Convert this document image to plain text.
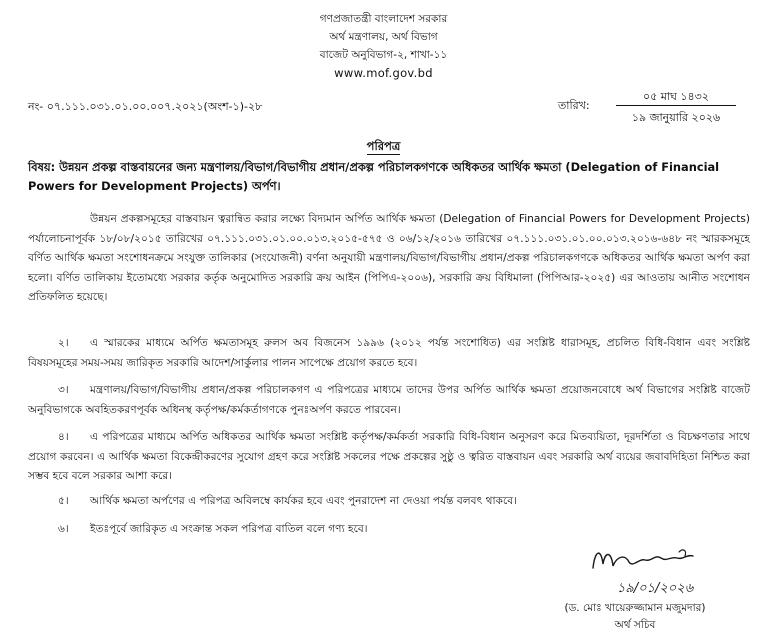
গণপ্রজাতন্ত্রী বাংলাদেশ সরকার
অর্থ মন্ত্রণালয়, অর্থ বিভাগ
বাজেট অনুবিভাগ-২, শাখা-১১
www.mof.gov.bd
নং- ০৭.১১১.০৩১.০১.০০.০০৭.২০২১(অংশ-১)-২৮	তারিখ:
০৫ মাঘ ১৪৩২
১৯ জানুয়ারি ২০২৬
পরিপত্র
বিষয়: উন্নয়ন প্রকল্প বাস্তবায়নের জন্য মন্ত্রণালয়/বিভাগ/বিভাগীয় প্রধান/প্রকল্প পরিচালকগণকে অধিকতর আর্থিক ক্ষমতা (Delegation of Financial Powers for Development Projects) অর্পণ।
উন্নয়ন প্রকল্পসমূহের বাস্তবায়ন ত্বরান্বিত করার লক্ষ্যে বিদ্যমান অর্পিত আর্থিক ক্ষমতা (Delegation of Financial Powers for Development Projects) পর্যালোচনাপূর্বক ১৮/০৮/২০১৫ তারিখের ০৭.১১১.০৩১.০১.০০.০১৩.২০১৫-৫৭৫ ও ০৬/১২/২০১৬ তারিখের ০৭.১১১.০৩১.০১.০০.০১৩.২০১৬-৬৪৮ নং স্মারকসমূহে বর্ণিত আর্থিক ক্ষমতা সংশোধনক্রমে সংযুক্ত তালিকার (সংযোজনী) বর্ণনা অনুযায়ী মন্ত্রণালয়/বিভাগ/বিভাগীয় প্রধান/প্রকল্প পরিচালকগণকে অধিকতর আর্থিক ক্ষমতা অর্পণ করা হলো। বর্ণিত তালিকায় ইতোমধ্যে সরকার কর্তৃক অনুমোদিত সরকারি ক্রয় আইন (পিপিএ-২০০৬), সরকারি ক্রয় বিধিমালা (পিপিআর-২০২৫) এর আওতায় আনীত সংশোধন প্রতিফলিত হয়েছে।
২।	এ স্মারকের মাধ্যমে অর্পিত ক্ষমতাসমূহ রুলস অব বিজনেস ১৯৯৬ (২০১২ পর্যন্ত সংশোধিত) এর সংশ্লিষ্ট ধারাসমূহ, প্রচলিত বিধি-বিধান এবং সংশ্লিষ্ট বিষয়সমূহের সময়-সময় জারিকৃত সরকারি আদেশ/সার্কুলার পালন সাপেক্ষে প্রয়োগ করতে হবে।
৩।	মন্ত্রণালয়/বিভাগ/বিভাগীয় প্রধান/প্রকল্প পরিচালকগণ এ পরিপত্রের মাধ্যমে তাদের উপর অর্পিত আর্থিক ক্ষমতা প্রয়োজনবোধে অর্থ বিভাগের সংশ্লিষ্ট বাজেট অনুবিভাগকে অবহিতকরণপূর্বক অধিনস্থ কর্তৃপক্ষ/কর্মকর্তাগণকে পুনঃঅর্পণ করতে পারবেন।
৪।	এ পরিপত্রের মাধ্যমে অর্পিত অধিকতর আর্থিক ক্ষমতা সংশ্লিষ্ট কর্তৃপক্ষ/কর্মকর্তা সরকারি বিধি-বিধান অনুসরণ করে মিতব্যয়িতা, দূরদর্শিতা ও বিচক্ষণতার সাথে প্রয়োগ করবেন। এ আর্থিক ক্ষমতা বিকেন্দ্রীকরণের সুযোগ গ্রহণ করে সংশ্লিষ্ট সকলের পক্ষে প্রকল্পের সুষ্ঠু ও ত্বরিত বাস্তবায়ন এবং সরকারি অর্থ ব্যয়ের জবাবদিহিতা নিশ্চিত করা সম্ভব হবে বলে সরকার আশা করে।
৫।	আর্থিক ক্ষমতা অর্পণের এ পরিপত্র অবিলম্বে কার্যকর হবে এবং পুনরাদেশ না দেওয়া পর্যন্ত বলবৎ থাকবে।
৬।	ইতঃপূর্বে জারিকৃত এ সংক্রান্ত সকল পরিপত্র বাতিল বলে গণ্য হবে।
১৯/০১/২০২৬
(ড. মোঃ খায়েরুজ্জামান মজুমদার)
অর্থ সচিব
